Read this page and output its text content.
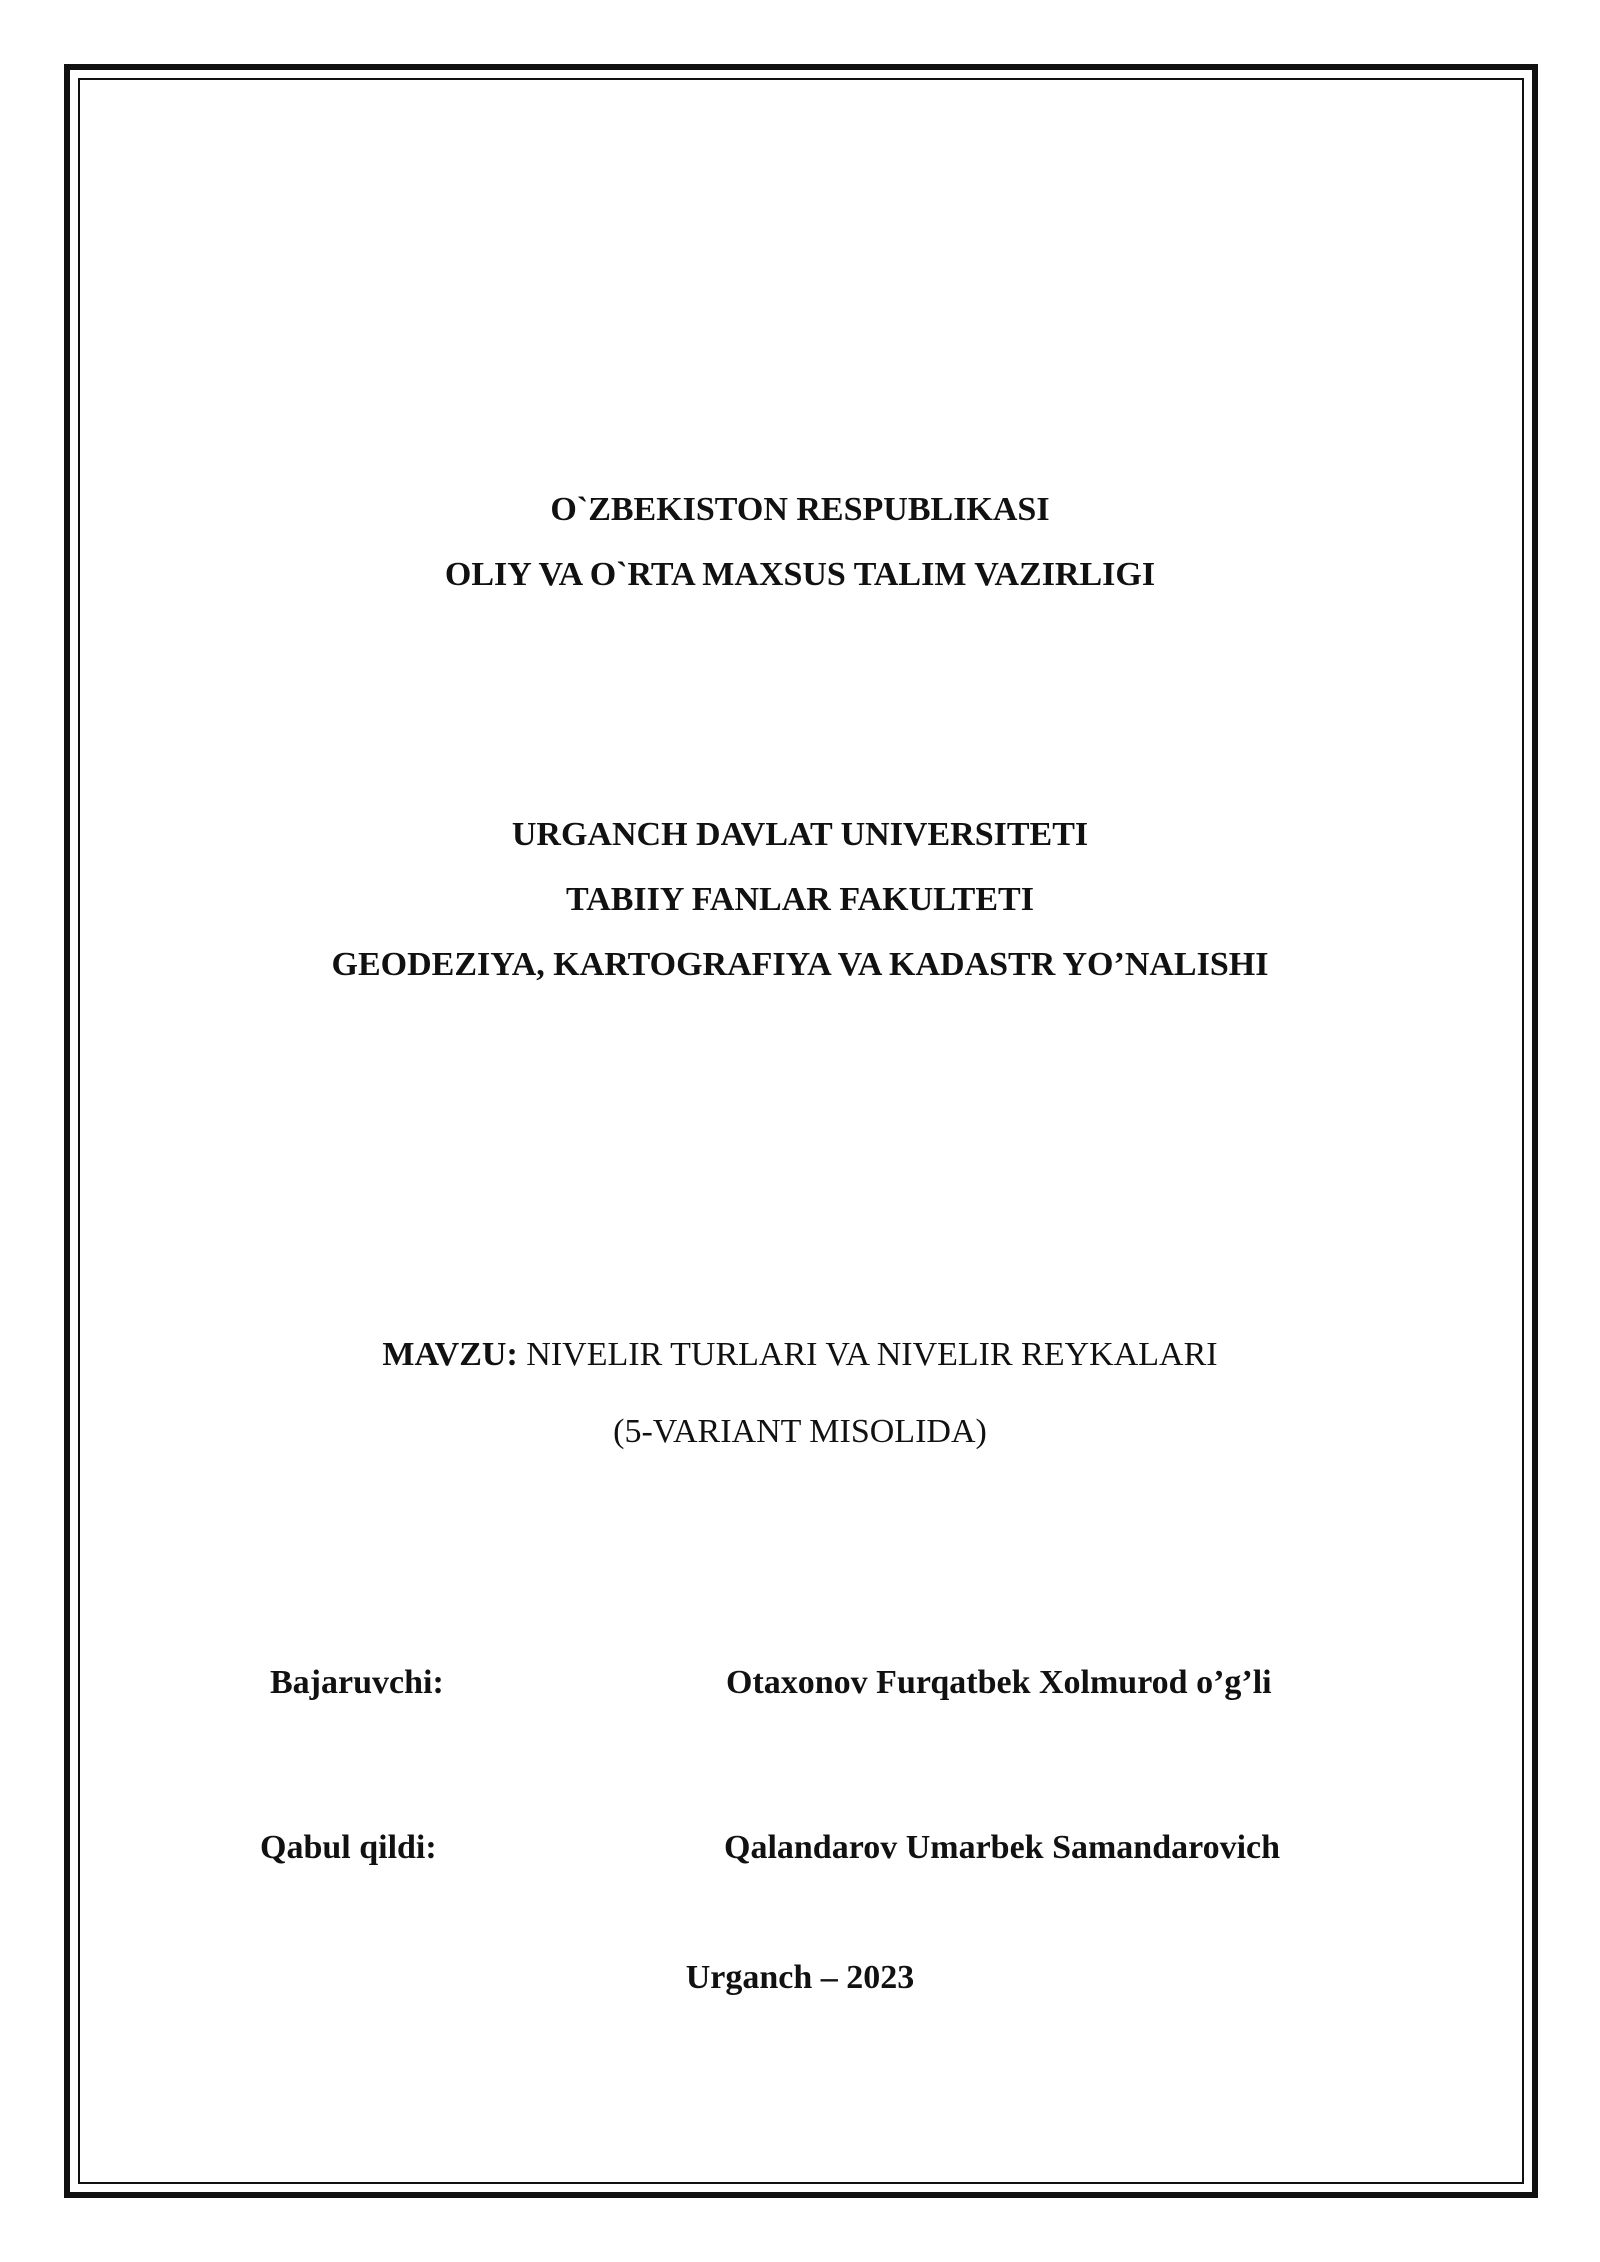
O`ZBEKISTON RESPUBLIKASI
OLIY VA O`RTA MAXSUS TALIM VAZIRLIGI
URGANCH DAVLAT UNIVERSITETI
TABIIY FANLAR FAKULTETI
GEODEZIYA, KARTOGRAFIYA VA KADASTR YO’NALISHI
MAVZU: NIVELIR TURLARI VA NIVELIR REYKALARI
(5-VARIANT MISOLIDA)
Bajaruvchi:	Otaxonov Furqatbek Xolmurod o’g’li
Qabul qildi:	Qalandarov Umarbek Samandarovich
Urganch – 2023
